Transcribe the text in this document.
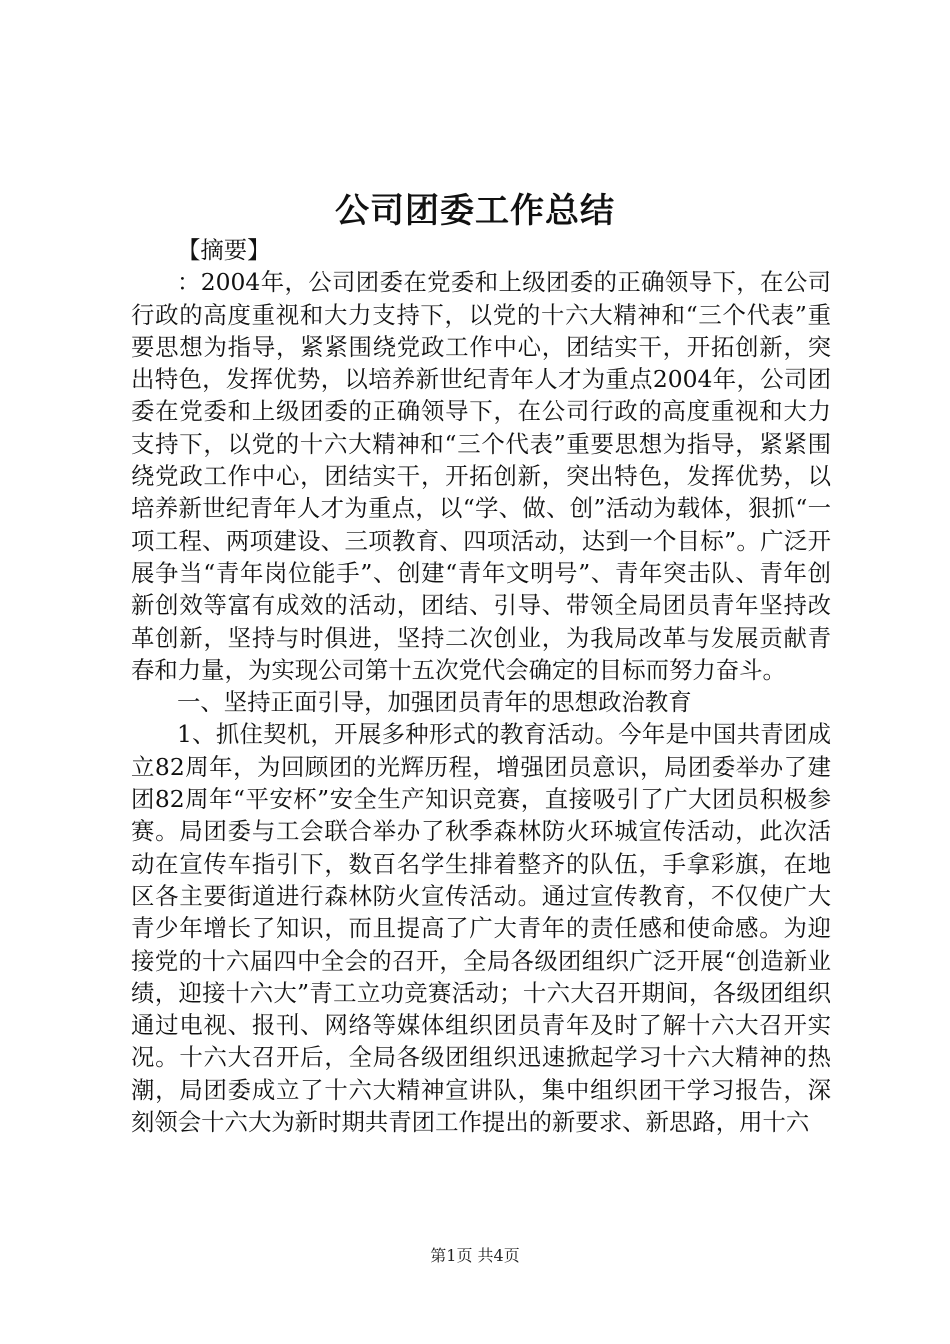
公司团委工作总结

【摘要】

：2004年，公司团委在党委和上级团委的正确领导下，在公司行政的高度重视和大力支持下，以党的十六大精神和“三个代表”重要思想为指导，紧紧围绕党政工作中心，团结实干，开拓创新，突出特色，发挥优势，以培养新世纪青年人才为重点2004年，公司团委在党委和上级团委的正确领导下，在公司行政的高度重视和大力支持下，以党的十六大精神和“三个代表”重要思想为指导，紧紧围绕党政工作中心，团结实干，开拓创新，突出特色，发挥优势，以培养新世纪青年人才为重点，以“学、做、创”活动为载体，狠抓“一项工程、两项建设、三项教育、四项活动，达到一个目标”。广泛开展争当“青年岗位能手”、创建“青年文明号”、青年突击队、青年创新创效等富有成效的活动，团结、引导、带领全局团员青年坚持改革创新，坚持与时俱进，坚持二次创业，为我局改革与发展贡献青春和力量，为实现公司第十五次党代会确定的目标而努力奋斗。

一、坚持正面引导，加强团员青年的思想政治教育

1、抓住契机，开展多种形式的教育活动。今年是中国共青团成立82周年，为回顾团的光辉历程，增强团员意识，局团委举办了建团82周年“平安杯”安全生产知识竞赛，直接吸引了广大团员积极参赛。局团委与工会联合举办了秋季森林防火环城宣传活动，此次活动在宣传车指引下，数百名学生排着整齐的队伍，手拿彩旗，在地区各主要街道进行森林防火宣传活动。通过宣传教育，不仅使广大青少年增长了知识，而且提高了广大青年的责任感和使命感。为迎接党的十六届四中全会的召开，全局各级团组织广泛开展“创造新业绩，迎接十六大”青工立功竞赛活动；十六大召开期间，各级团组织通过电视、报刊、网络等媒体组织团员青年及时了解十六大召开实况。十六大召开后，全局各级团组织迅速掀起学习十六大精神的热潮，局团委成立了十六大精神宣讲队，集中组织团干学习报告，深刻领会十六大为新时期共青团工作提出的新要求、新思路，用十六

第1页 共4页
